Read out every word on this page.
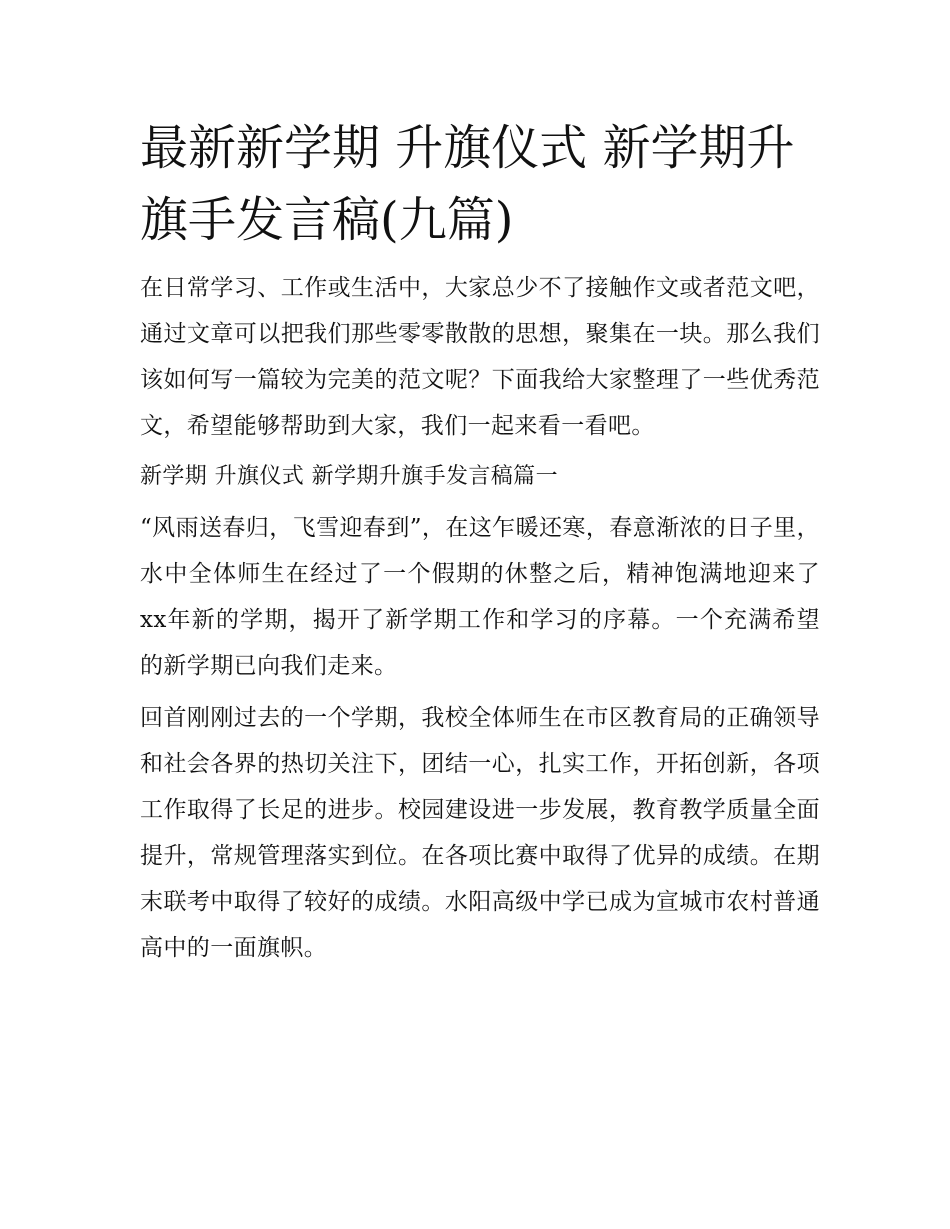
最新新学期 升旗仪式 新学期升旗手发言稿(九篇)

在日常学习、工作或生活中，大家总少不了接触作文或者范文吧，通过文章可以把我们那些零零散散的思想，聚集在一块。那么我们该如何写一篇较为完美的范文呢？下面我给大家整理了一些优秀范文，希望能够帮助到大家，我们一起来看一看吧。

新学期 升旗仪式 新学期升旗手发言稿篇一

“风雨送春归，飞雪迎春到”，在这乍暖还寒，春意渐浓的日子里，水中全体师生在经过了一个假期的休整之后，精神饱满地迎来了xx年新的学期，揭开了新学期工作和学习的序幕。一个充满希望的新学期已向我们走来。

回首刚刚过去的一个学期，我校全体师生在市区教育局的正确领导和社会各界的热切关注下，团结一心，扎实工作，开拓创新，各项工作取得了长足的进步。校园建设进一步发展，教育教学质量全面提升，常规管理落实到位。在各项比赛中取得了优异的成绩。在期末联考中取得了较好的成绩。水阳高级中学已成为宣城市农村普通高中的一面旗帜。
